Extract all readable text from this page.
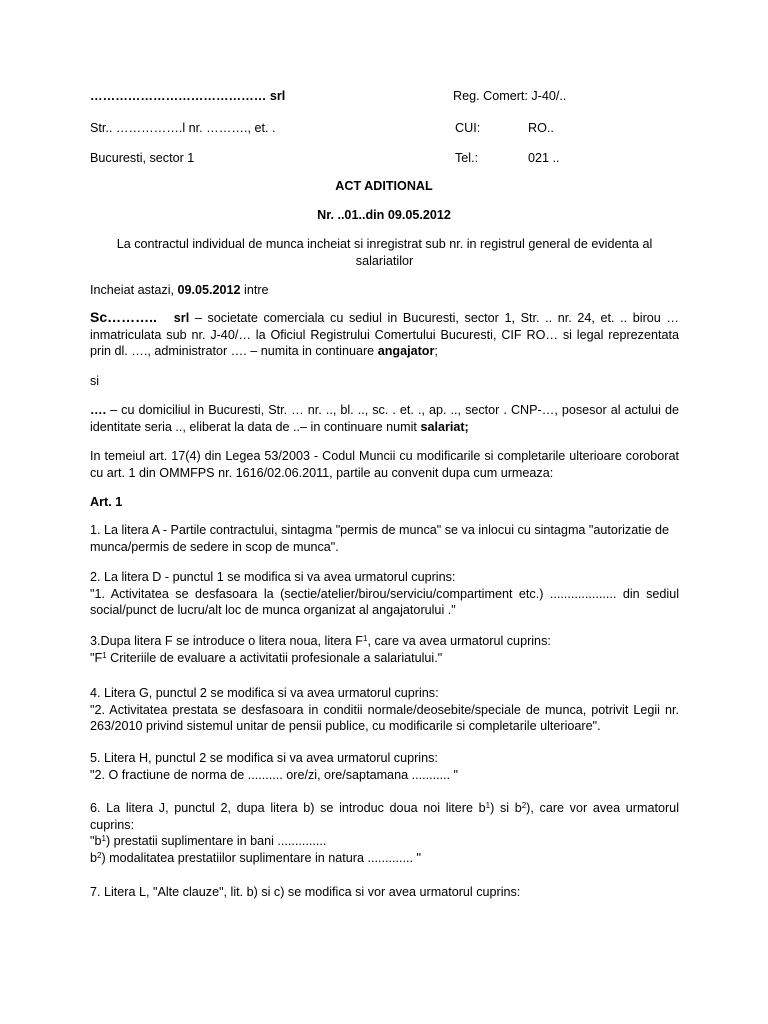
…………………………………… srl	Reg. Comert: J-40/..
Str.. …………….l nr. ………., et. .	CUI:	RO..
Bucuresti, sector 1	Tel.:	021 ..
ACT ADITIONAL
Nr. ..01..din 09.05.2012
La contractul individual de munca incheiat si inregistrat sub nr. in registrul general de evidenta al
salariatilor
Incheiat astazi, 09.05.2012 intre
Sc……….. srl – societate comerciala cu sediul in Bucuresti, sector 1, Str. .. nr. 24, et. .. birou …
inmatriculata sub nr. J-40/… la Oficiul Registrului Comertului Bucuresti, CIF RO… si legal reprezentata
prin dl. …., administrator …. – numita in continuare angajator;
si
…. – cu domiciliul in Bucuresti, Str. … nr. .., bl. .., sc. . et. ., ap. .., sector . CNP-…, posesor al actului de
identitate seria .., eliberat la data de ..– in continuare numit salariat;
In temeiul art. 17(4) din Legea 53/2003 - Codul Muncii cu modificarile si completarile ulterioare coroborat
cu art. 1 din OMMFPS nr. 1616/02.06.2011, partile au convenit dupa cum urmeaza:
Art. 1
1. La litera A - Partile contractului, sintagma "permis de munca" se va inlocui cu sintagma "autorizatie de
munca/permis de sedere in scop de munca".
2. La litera D - punctul 1 se modifica si va avea urmatorul cuprins:
"1. Activitatea se desfasoara la (sectie/atelier/birou/serviciu/compartiment etc.) ................... din sediul
social/punct de lucru/alt loc de munca organizat al angajatorului ."
3.Dupa litera F se introduce o litera noua, litera $F^1$, care va avea urmatorul cuprins:
"$F^1$ Criteriile de evaluare a activitatii profesionale a salariatului."
4. Litera G, punctul 2 se modifica si va avea urmatorul cuprins:
"2. Activitatea prestata se desfasoara in conditii normale/deosebite/speciale de munca, potrivit Legii nr.
263/2010 privind sistemul unitar de pensii publice, cu modificarile si completarile ulterioare".
5. Litera H, punctul 2 se modifica si va avea urmatorul cuprins:
"2. O fractiune de norma de .......... ore/zi, ore/saptamana ........... "
6. La litera J, punctul 2, dupa litera b) se introduc doua noi litere $b^1$) si $b^2$), care vor avea urmatorul
cuprins:
"$b^1$) prestatii suplimentare in bani ..............
$b^2$) modalitatea prestatiilor suplimentare in natura ............. "
7. Litera L, "Alte clauze", lit. b) si c) se modifica si vor avea urmatorul cuprins:
